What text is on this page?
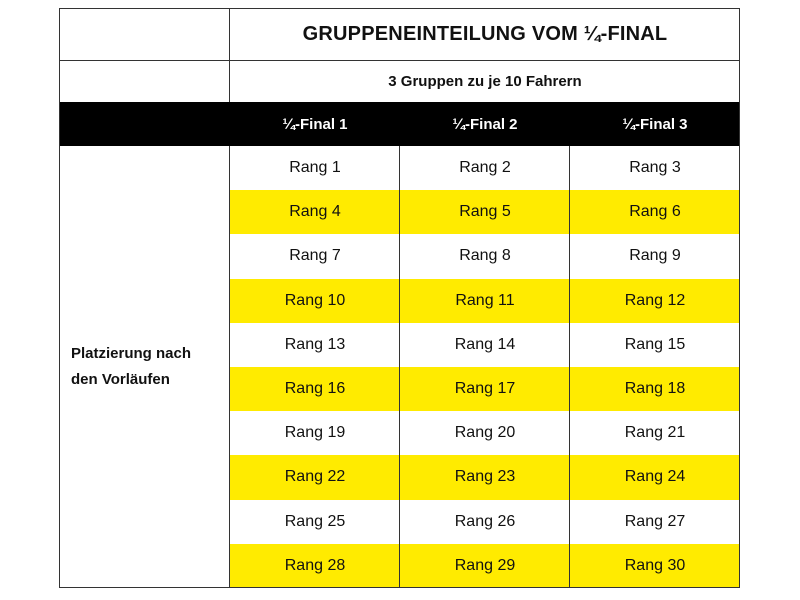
GRUPPENEINTEILUNG VOM ¼-FINAL
3 Gruppen zu je 10 Fahrern
¼-Final 1	¼-Final 2	¼-Final 3
Platzierung nach den Vorläufen
Rang 1	Rang 2	Rang 3
Rang 4	Rang 5	Rang 6
Rang 7	Rang 8	Rang 9
Rang 10	Rang 11	Rang 12
Rang 13	Rang 14	Rang 15
Rang 16	Rang 17	Rang 18
Rang 19	Rang 20	Rang 21
Rang 22	Rang 23	Rang 24
Rang 25	Rang 26	Rang 27
Rang 28	Rang 29	Rang 30
